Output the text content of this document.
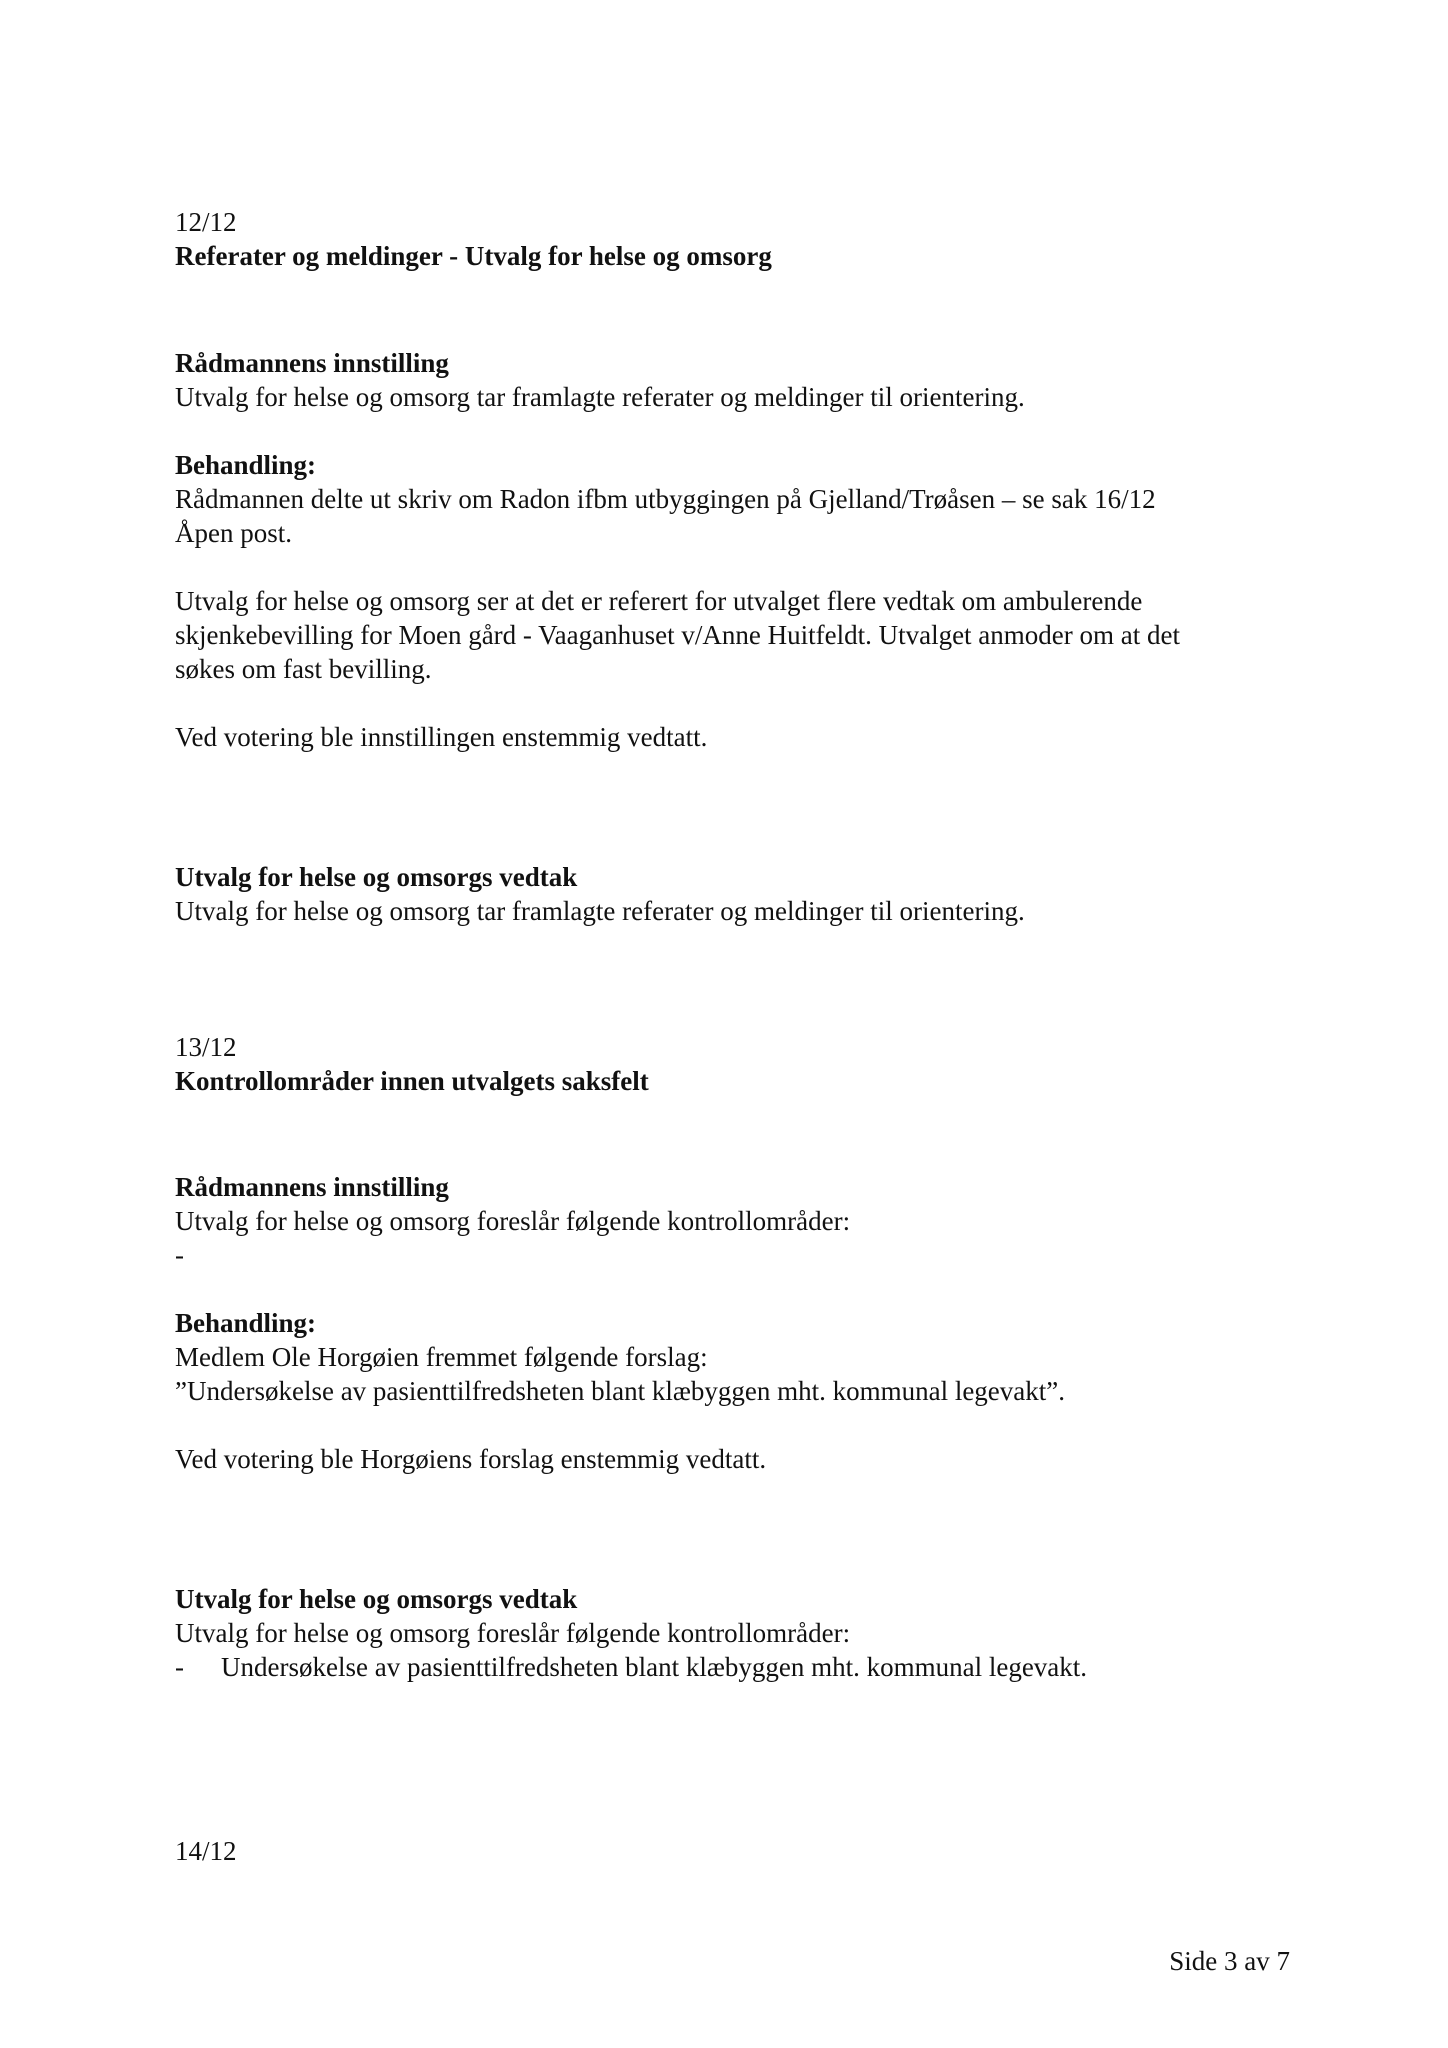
12/12
Referater og meldinger - Utvalg for helse og omsorg
Rådmannens innstilling
Utvalg for helse og omsorg tar framlagte referater og meldinger til orientering.
Behandling:
Rådmannen delte ut skriv om Radon ifbm utbyggingen på Gjelland/Trøåsen – se sak 16/12
Åpen post.
Utvalg for helse og omsorg ser at det er referert for utvalget flere vedtak om ambulerende
skjenkebevilling for Moen gård - Vaaganhuset v/Anne Huitfeldt. Utvalget anmoder om at det
søkes om fast bevilling.
Ved votering ble innstillingen enstemmig vedtatt.
Utvalg for helse og omsorgs vedtak
Utvalg for helse og omsorg tar framlagte referater og meldinger til orientering.
13/12
Kontrollområder innen utvalgets saksfelt
Rådmannens innstilling
Utvalg for helse og omsorg foreslår følgende kontrollområder:
-
Behandling:
Medlem Ole Horgøien fremmet følgende forslag:
”Undersøkelse av pasienttilfredsheten blant klæbyggen mht. kommunal legevakt”.
Ved votering ble Horgøiens forslag enstemmig vedtatt.
Utvalg for helse og omsorgs vedtak
Utvalg for helse og omsorg foreslår følgende kontrollområder:
-	Undersøkelse av pasienttilfredsheten blant klæbyggen mht. kommunal legevakt.
14/12
Side 3 av 7
